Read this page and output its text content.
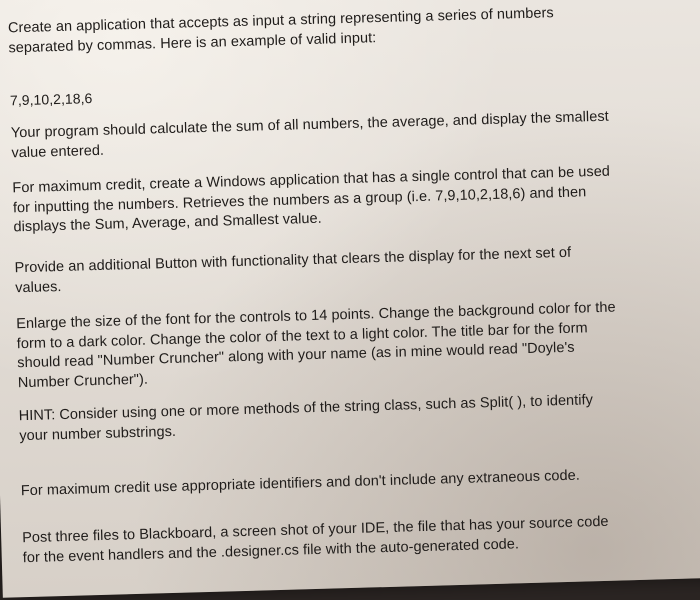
Create an application that accepts as input a string representing a series of numbers
separated by commas. Here is an example of valid input:

7,9,10,2,18,6

Your program should calculate the sum of all numbers, the average, and display the smallest
value entered.

For maximum credit, create a Windows application that has a single control that can be used
for inputting the numbers. Retrieves the numbers as a group (i.e. 7,9,10,2,18,6) and then
displays the Sum, Average, and Smallest value.

Provide an additional Button with functionality that clears the display for the next set of
values.

Enlarge the size of the font for the controls to 14 points. Change the background color for the
form to a dark color. Change the color of the text to a light color. The title bar for the form
should read "Number Cruncher" along with your name (as in mine would read "Doyle's
Number Cruncher").

HINT: Consider using one or more methods of the string class, such as Split( ), to identify
your number substrings.

For maximum credit use appropriate identifiers and don't include any extraneous code.

Post three files to Blackboard, a screen shot of your IDE, the file that has your source code
for the event handlers and the .designer.cs file with the auto-generated code.
